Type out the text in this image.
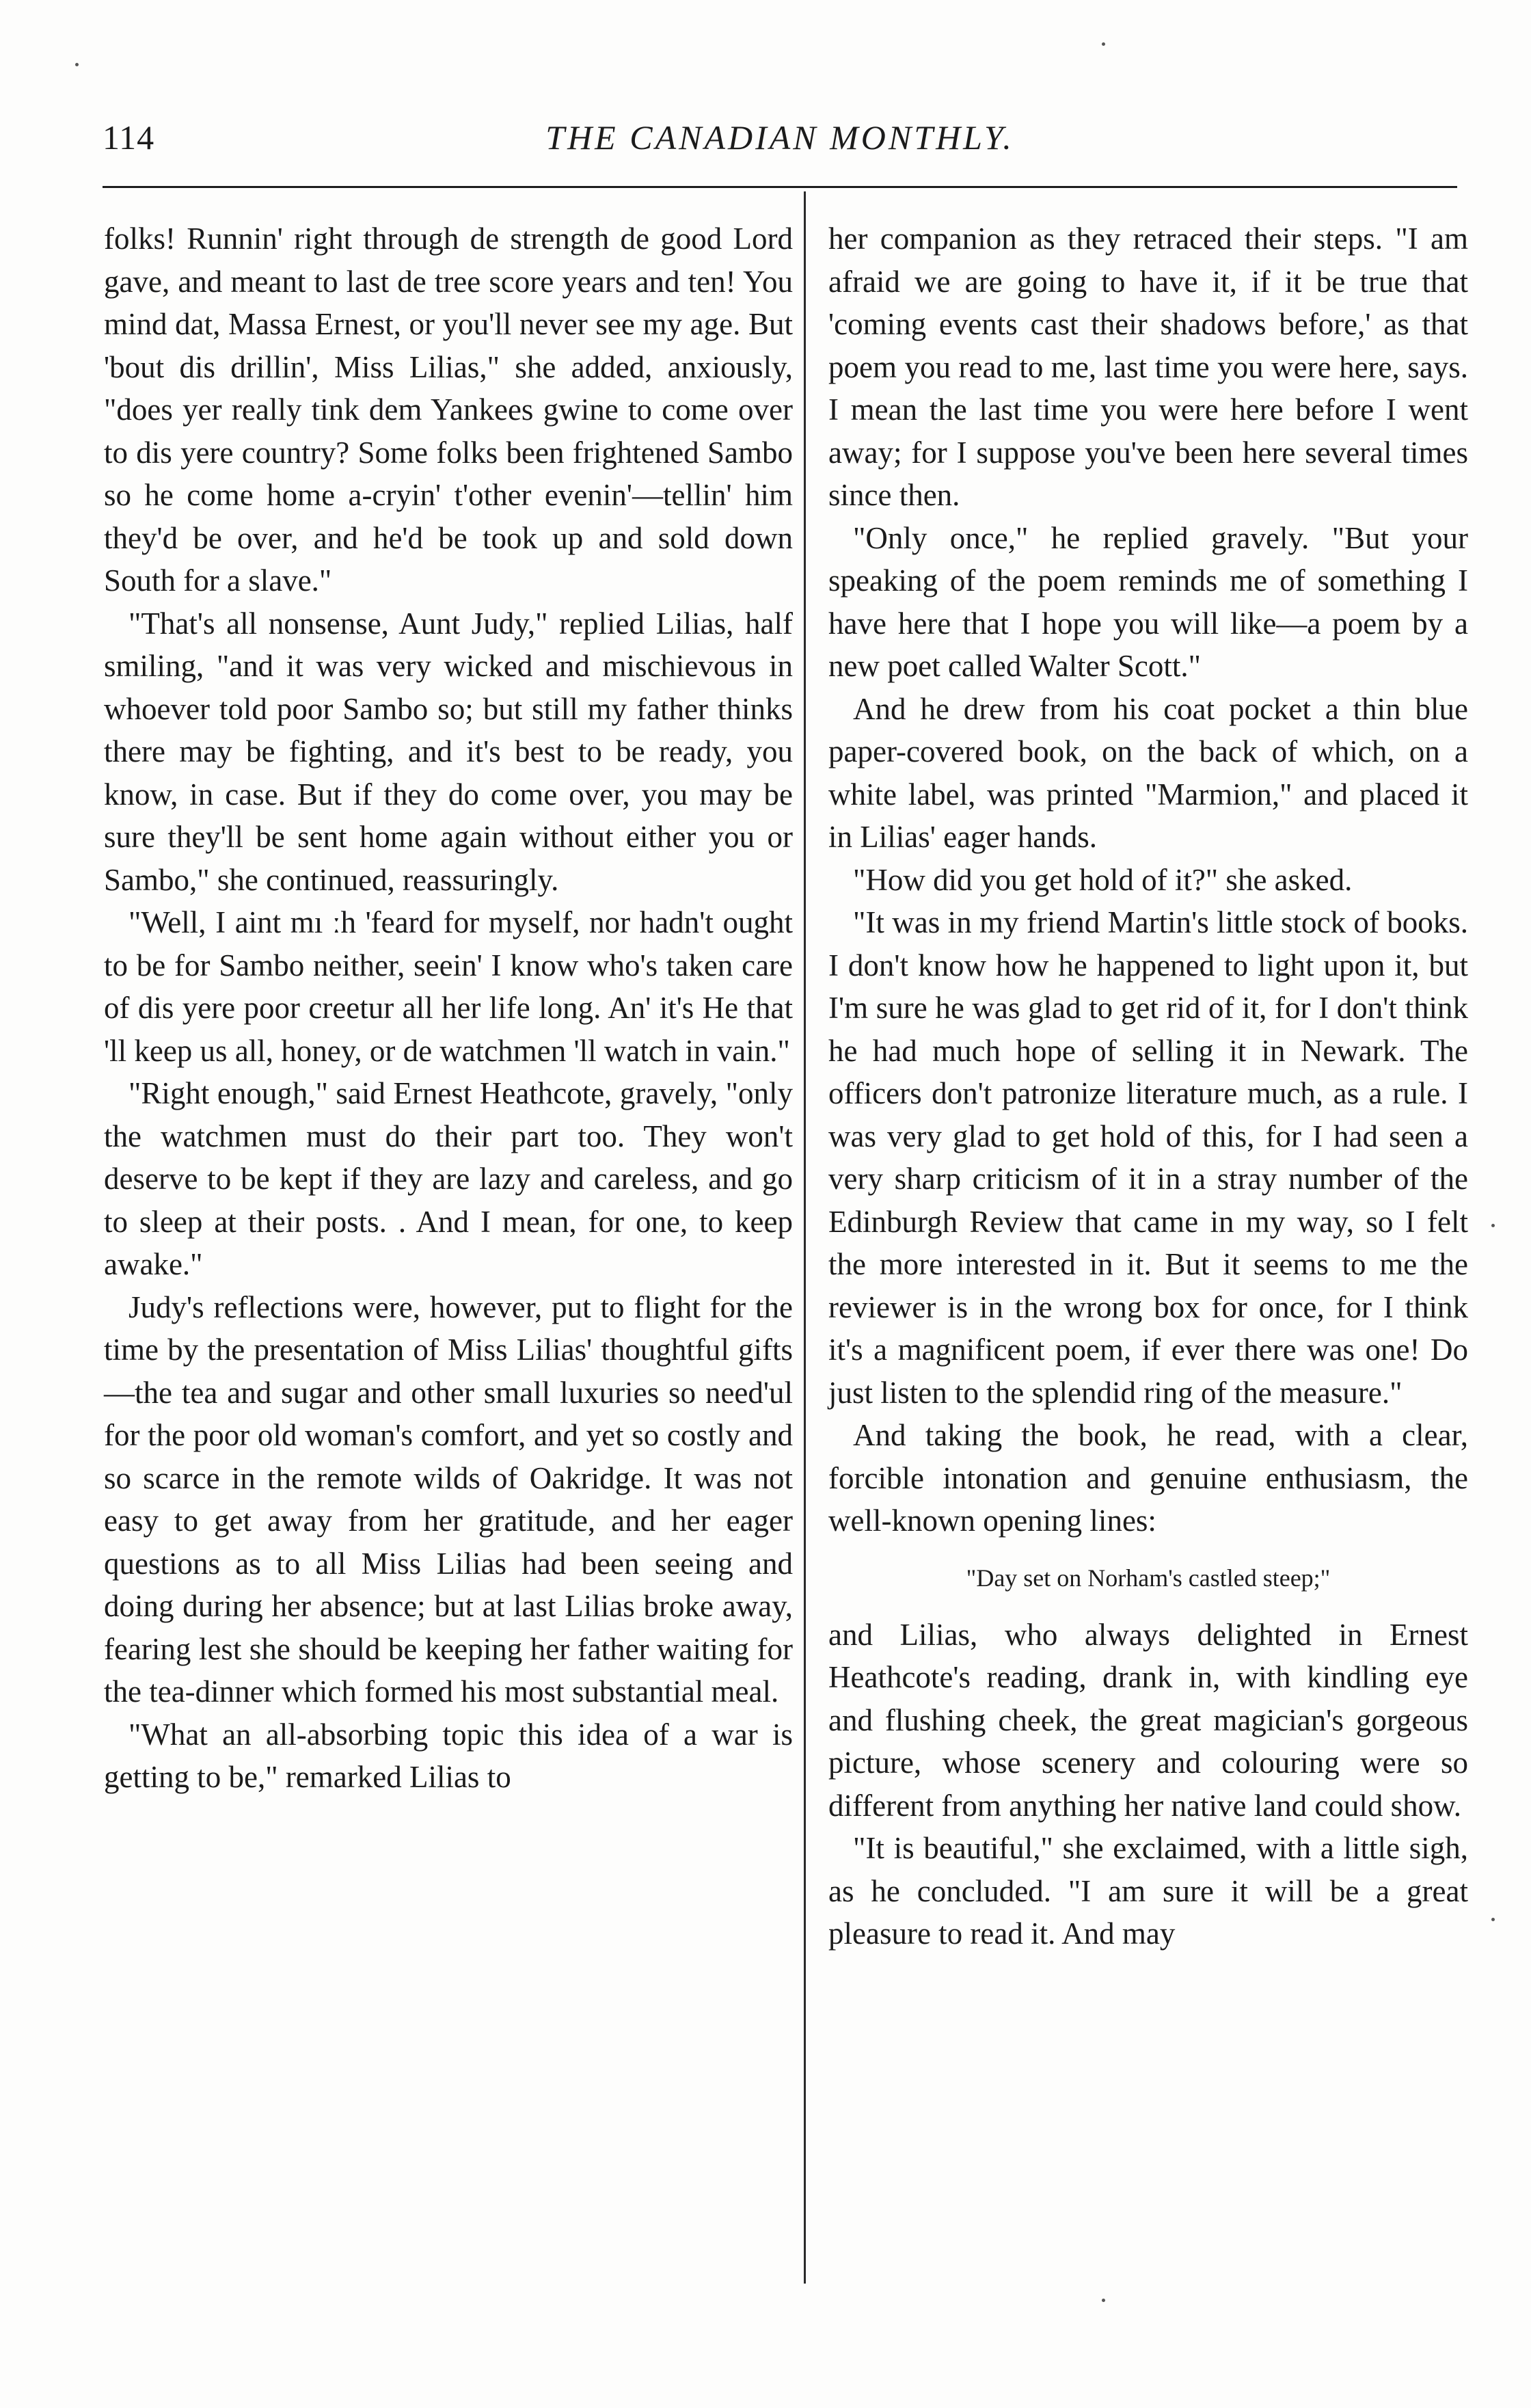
114	THE CANADIAN MONTHLY.

folks! Runnin' right through de strength de good Lord gave, and meant to last de tree score years and ten! You mind dat, Massa Ernest, or you'll never see my age. But 'bout dis drillin', Miss Lilias," she added, anxiously, "does yer really tink dem Yankees gwine to come over to dis yere country? Some folks been frightened Sambo so he come home a-cryin' t'other evenin'—tellin' him they'd be over, and he'd be took up and sold down South for a slave."

"That's all nonsense, Aunt Judy," replied Lilias, half smiling, "and it was very wicked and mischievous in whoever told poor Sambo so; but still my father thinks there may be fighting, and it's best to be ready, you know, in case. But if they do come over, you may be sure they'll be sent home again without either you or Sambo," she continued, reassuringly.

"Well, I aint mı ːh 'feard for myself, nor hadn't ought to be for Sambo neither, seein' I know who's taken care of dis yere poor creetur all her life long. An' it's He that 'll keep us all, honey, or de watchmen 'll watch in vain."

"Right enough," said Ernest Heathcote, gravely, "only the watchmen must do their part too. They won't deserve to be kept if they are lazy and careless, and go to sleep at their posts. . And I mean, for one, to keep awake."

Judy's reflections were, however, put to flight for the time by the presentation of Miss Lilias' thoughtful gifts—the tea and sugar and other small luxuries so need'ul for the poor old woman's comfort, and yet so costly and so scarce in the remote wilds of Oakridge. It was not easy to get away from her gratitude, and her eager questions as to all Miss Lilias had been seeing and doing during her absence; but at last Lilias broke away, fearing lest she should be keeping her father waiting for the tea-dinner which formed his most substantial meal.

"What an all-absorbing topic this idea of a war is getting to be," remarked Lilias to

her companion as they retraced their steps. "I am afraid we are going to have it, if it be true that 'coming events cast their shadows before,' as that poem you read to me, last time you were here, says. I mean the last time you were here before I went away; for I suppose you've been here several times since then.

"Only once," he replied gravely. "But your speaking of the poem reminds me of something I have here that I hope you will like—a poem by a new poet called Walter Scott."

And he drew from his coat pocket a thin blue paper-covered book, on the back of which, on a white label, was printed "Marmion," and placed it in Lilias' eager hands.

"How did you get hold of it?" she asked.

"It was in my friend Martin's little stock of books. I don't know how he happened to light upon it, but I'm sure he was glad to get rid of it, for I don't think he had much hope of selling it in Newark. The officers don't patronize literature much, as a rule. I was very glad to get hold of this, for I had seen a very sharp criticism of it in a stray number of the Edinburgh Review that came in my way, so I felt the more interested in it. But it seems to me the reviewer is in the wrong box for once, for I think it's a magnificent poem, if ever there was one! Do just listen to the splendid ring of the measure."

And taking the book, he read, with a clear, forcible intonation and genuine enthusiasm, the well-known opening lines:

"Day set on Norham's castled steep;"

and Lilias, who always delighted in Ernest Heathcote's reading, drank in, with kindling eye and flushing cheek, the great magician's gorgeous picture, whose scenery and colouring were so different from anything her native land could show.

"It is beautiful," she exclaimed, with a little sigh, as he concluded. "I am sure it will be a great pleasure to read it. And may
